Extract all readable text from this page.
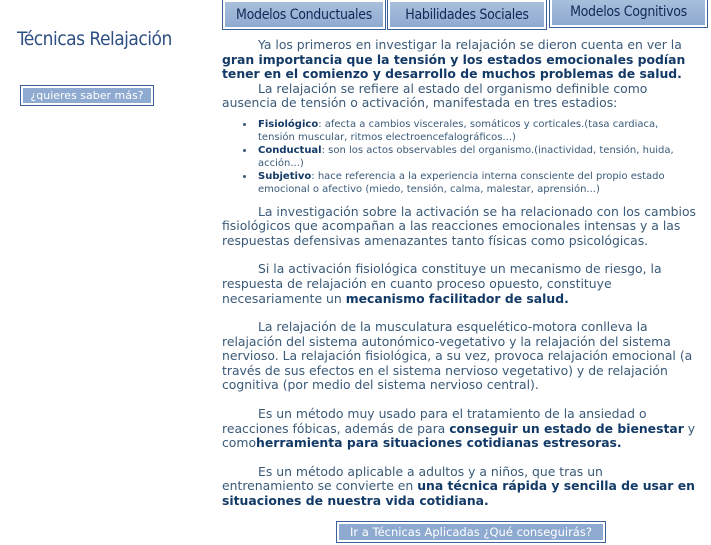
Modelos Conductuales	Habilidades Sociales	Modelos Cognitivos
Técnicas Relajación
¿quieres saber más?

Ya los primeros en investigar la relajación se dieron cuenta en ver la gran importancia que la tensión y los estados emocionales podían tener en el comienzo y desarrollo de muchos problemas de salud.

La relajación se refiere al estado del organismo definible como ausencia de tensión o activación, manifestada en tres estadios:

• Fisiológico: afecta a cambios viscerales, somáticos y corticales.(tasa cardiaca, tensión muscular, ritmos electroencefalográficos...)
• Conductual: son los actos observables del organismo.(inactividad, tensión, huida, acción...)
• Subjetivo: hace referencia a la experiencia interna consciente del propio estado emocional o afectivo (miedo, tensión, calma, malestar, aprensión...)

La investigación sobre la activación se ha relacionado con los cambios fisiológicos que acompañan a las reacciones emocionales intensas y a las respuestas defensivas amenazantes tanto físicas como psicológicas.

Si la activación fisiológica constituye un mecanismo de riesgo, la respuesta de relajación en cuanto proceso opuesto, constituye necesariamente un mecanismo facilitador de salud.

La relajación de la musculatura esquelético-motora conlleva la relajación del sistema autonómico-vegetativo y la relajación del sistema nervioso. La relajación fisiológica, a su vez, provoca relajación emocional (a través de sus efectos en el sistema nervioso vegetativo) y de relajación cognitiva (por medio del sistema nervioso central).

Es un método muy usado para el tratamiento de la ansiedad o reacciones fóbicas, además de para conseguir un estado de bienestar y comoherramienta para situaciones cotidianas estresoras.

Es un método aplicable a adultos y a niños, que tras un entrenamiento se convierte en una técnica rápida y sencilla de usar en situaciones de nuestra vida cotidiana.

Ir a Técnicas Aplicadas ¿Qué conseguirás?
